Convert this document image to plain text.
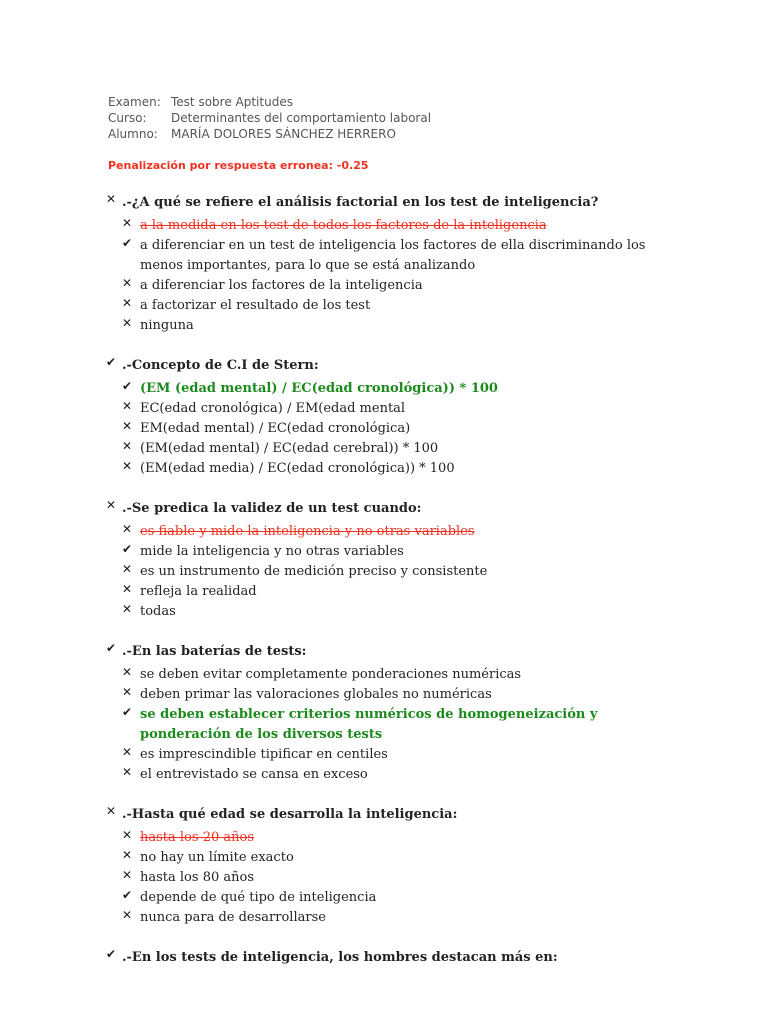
Examen: Test sobre Aptitudes
Curso: Determinantes del comportamiento laboral
Alumno: MARÍA DOLORES SÁNCHEZ HERRERO
Penalización por respuesta erronea: -0.25
✕ .-¿A qué se refiere el análisis factorial en los test de inteligencia?
✕ a la medida en los test de todos los factores de la inteligencia
✔ a diferenciar en un test de inteligencia los factores de ella discriminando los menos importantes, para lo que se está analizando
✕ a diferenciar los factores de la inteligencia
✕ a factorizar el resultado de los test
✕ ninguna
✔ .-Concepto de C.I de Stern:
✔ (EM (edad mental) / EC(edad cronológica)) * 100
✕ EC(edad cronológica) / EM(edad mental
✕ EM(edad mental) / EC(edad cronológica)
✕ (EM(edad mental) / EC(edad cerebral)) * 100
✕ (EM(edad media) / EC(edad cronológica)) * 100
✕ .-Se predica la validez de un test cuando:
✕ es fiable y mide la inteligencia y no otras variables
✔ mide la inteligencia y no otras variables
✕ es un instrumento de medición preciso y consistente
✕ refleja la realidad
✕ todas
✔ .-En las baterías de tests:
✕ se deben evitar completamente ponderaciones numéricas
✕ deben primar las valoraciones globales no numéricas
✔ se deben establecer criterios numéricos de homogeneización y ponderación de los diversos tests
✕ es imprescindible tipificar en centiles
✕ el entrevistado se cansa en exceso
✕ .-Hasta qué edad se desarrolla la inteligencia:
✕ hasta los 20 años
✕ no hay un límite exacto
✕ hasta los 80 años
✔ depende de qué tipo de inteligencia
✕ nunca para de desarrollarse
✔ .-En los tests de inteligencia, los hombres destacan más en:
